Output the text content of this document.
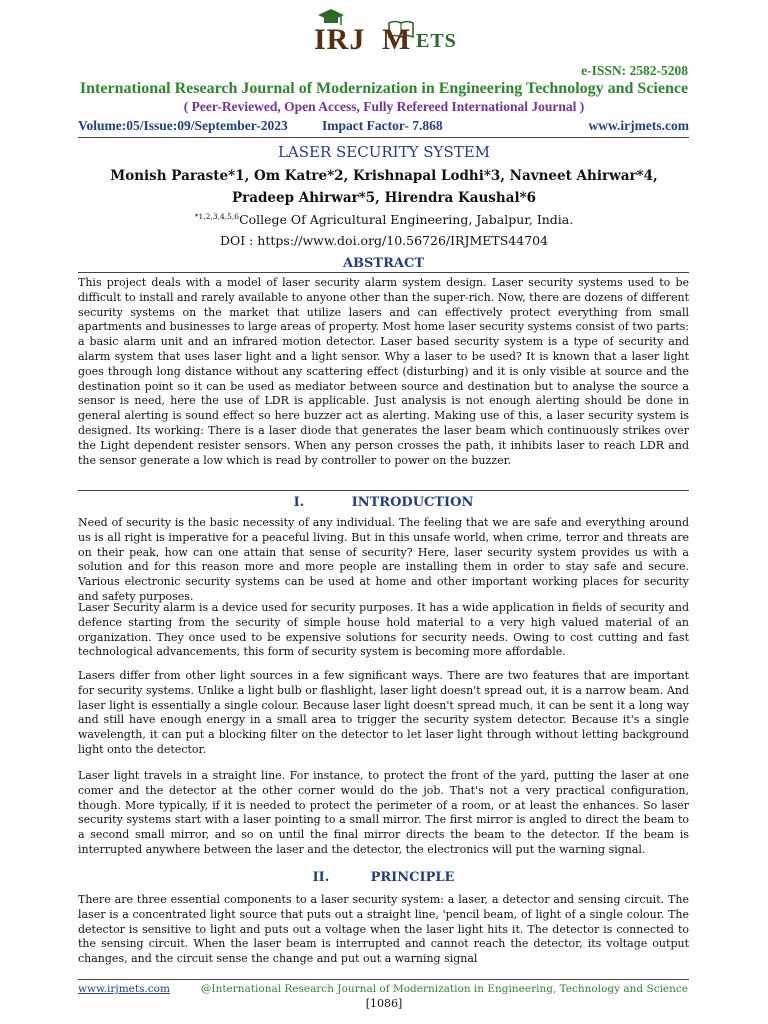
IRJ M ETS
e-ISSN: 2582-5208
International Research Journal of Modernization in Engineering Technology and Science
( Peer-Reviewed, Open Access, Fully Refereed International Journal )
Volume:05/Issue:09/September-2023	Impact Factor- 7.868	www.irjmets.com
LASER SECURITY SYSTEM
Monish Paraste*1, Om Katre*2, Krishnapal Lodhi*3, Navneet Ahirwar*4,
Pradeep Ahirwar*5, Hirendra Kaushal*6
$^{*1,2,3,4,5,6}$College Of Agricultural Engineering, Jabalpur, India.
DOI : https://www.doi.org/10.56726/IRJMETS44704
ABSTRACT
This project deals with a model of laser security alarm system design. Laser security systems used to be difficult to install and rarely available to anyone other than the super-rich. Now, there are dozens of different security systems on the market that utilize lasers and can effectively protect everything from small apartments and businesses to large areas of property. Most home laser security systems consist of two parts: a basic alarm unit and an infrared motion detector. Laser based security system is a type of security and alarm system that uses laser light and a light sensor. Why a laser to be used? It is known that a laser light goes through long distance without any scattering effect (disturbing) and it is only visible at source and the destination point so it can be used as mediator between source and destination but to analyse the source a sensor is need, here the use of LDR is applicable. Just analysis is not enough alerting should be done in general alerting is sound effect so here buzzer act as alerting. Making use of this, a laser security system is designed. Its working: There is a laser diode that generates the laser beam which continuously strikes over the Light dependent resister sensors. When any person crosses the path, it inhibits laser to reach LDR and the sensor generate a low which is read by controller to power on the buzzer.
I.	INTRODUCTION
Need of security is the basic necessity of any individual. The feeling that we are safe and everything around us is all right is imperative for a peaceful living. But in this unsafe world, when crime, terror and threats are on their peak, how can one attain that sense of security? Here, laser security system provides us with a solution and for this reason more and more people are installing them in order to stay safe and secure. Various electronic security systems can be used at home and other important working places for security and safety purposes.
Laser Security alarm is a device used for security purposes. It has a wide application in fields of security and defence starting from the security of simple house hold material to a very high valued material of an organization. They once used to be expensive solutions for security needs. Owing to cost cutting and fast technological advancements, this form of security system is becoming more affordable.
Lasers differ from other light sources in a few significant ways. There are two features that are important for security systems. Unlike a light bulb or flashlight, laser light doesn't spread out, it is a narrow beam. And laser light is essentially a single colour. Because laser light doesn't spread much, it can be sent it a long way and still have enough energy in a small area to trigger the security system detector. Because it's a single wavelength, it can put a blocking filter on the detector to let laser light through without letting background light onto the detector.
Laser light travels in a straight line. For instance, to protect the front of the yard, putting the laser at one comer and the detector at the other corner would do the job. That's not a very practical configuration, though. More typically, if it is needed to protect the perimeter of a room, or at least the enhances. So laser security systems start with a laser pointing to a small mirror. The first mirror is angled to direct the beam to a second small mirror, and so on until the final mirror directs the beam to the detector. If the beam is interrupted anywhere between the laser and the detector, the electronics will put the warning signal.
II.	PRINCIPLE
There are three essential components to a laser security system: a laser, a detector and sensing circuit. The laser is a concentrated light source that puts out a straight line, 'pencil beam, of light of a single colour. The detector is sensitive to light and puts out a voltage when the laser light hits it. The detector is connected to the sensing circuit. When the laser beam is interrupted and cannot reach the detector, its voltage output changes, and the circuit sense the change and put out a warning signal
www.irjmets.com	@International Research Journal of Modernization in Engineering, Technology and Science
[1086]
